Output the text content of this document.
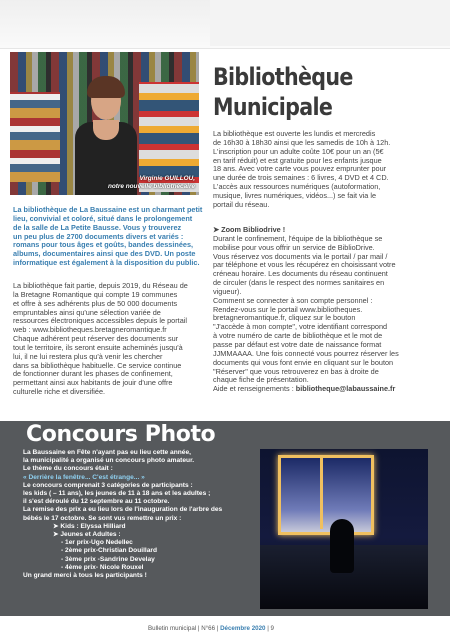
Virginie GUILLOU,
notre nouvelle bibliothécaire
Bibliothèque
Municipale
La bibliothèque de La Baussaine est un charmant petit
lieu, convivial et coloré, situé dans le prolongement
de la salle de La Petite Bausse. Vous y trouverez
un peu plus de 2700 documents divers et variés :
romans pour tous âges et goûts, bandes dessinées,
albums, documentaires ainsi que des DVD. Un poste
informatique est également à la disposition du public.
La bibliothèque fait partie, depuis 2019, du Réseau de
la Bretagne Romantique qui compte 19 communes
et offre à ses adhérents plus de 50 000 documents
empruntables ainsi qu'une sélection variée de
ressources électroniques accessibles depuis le portail
web : www.bibliotheques.bretagneromantique.fr
Chaque adhérent peut réserver des documents sur
tout le territoire, ils seront ensuite acheminés jusqu'à
lui, il ne lui restera plus qu'à venir les chercher
dans sa bibliothèque habituelle. Ce service continue
de fonctionner durant les phases de confinement,
permettant ainsi aux habitants de jouir d'une offre
culturelle riche et diversifiée.
La bibliothèque est ouverte les lundis et mercredis
de 16h30 à 18h30 ainsi que les samedis de 10h à 12h.
L'inscription pour un adulte coûte 10€ pour un an (5€
en tarif réduit) et est gratuite pour les enfants jusque
18 ans. Avec votre carte vous pouvez emprunter pour
une durée de trois semaines : 6 livres, 4 DVD et 4 CD.
L'accès aux ressources numériques (autoformation,
musique, livres numériques, vidéos...) se fait via le
portail du réseau.
➤ Zoom Bibliodrive !
Durant le confinement, l'équipe de la bibliothèque se
mobilise pour vous offrir un service de BiblioDrive.
Vous réservez vos documents via le portail / par mail /
par téléphone et vous les récupérez en choisissant votre
créneau horaire. Les documents du réseau continuent
de circuler (dans le respect des normes sanitaires en
vigueur).
Comment se connecter à son compte personnel :
Rendez-vous sur le portail www.bibliotheques.
bretagneromantique.fr, cliquez sur le bouton
"J'accède à mon compte", votre identifiant correspond
à votre numéro de carte de bibliothèque et le mot de
passe par défaut est votre date de naissance format
JJMMAAAA. Une fois connecté vous pourrez réserver les
documents qui vous font envie en cliquant sur le bouton
"Réserver" que vous retrouverez en bas à droite de
chaque fiche de présentation.
Aide et renseignements : bibliotheque@labaussaine.fr
Concours Photo
La Baussaine en Fête n'ayant pas eu lieu cette année,
la municipalité a organisé un concours photo amateur.
Le thème du concours était :
« Derrière la fenêtre... C'est étrange... »
Le concours comprenait 3 catégories de participants :
les kids ( – 11 ans), les jeunes de 11 à 18 ans et les adultes ;
il s'est déroulé du 12 septembre au 11 octobre.
La remise des prix a eu lieu lors de l'inauguration de l'arbre des
bébés le 17 octobre. Se sont vus remettre un prix :
➤ Kids : Elyssa Hilliard
➤ Jeunes et Adultes :
- 1er prix-Ugo Nedellec
- 2ème prix-Christian Douillard
- 3ème prix -Sandrine Develay
- 4ème prix- Nicole Rouxel
Un grand merci à tous les participants !
Bulletin municipal | N°66 | Décembre 2020 | 9
